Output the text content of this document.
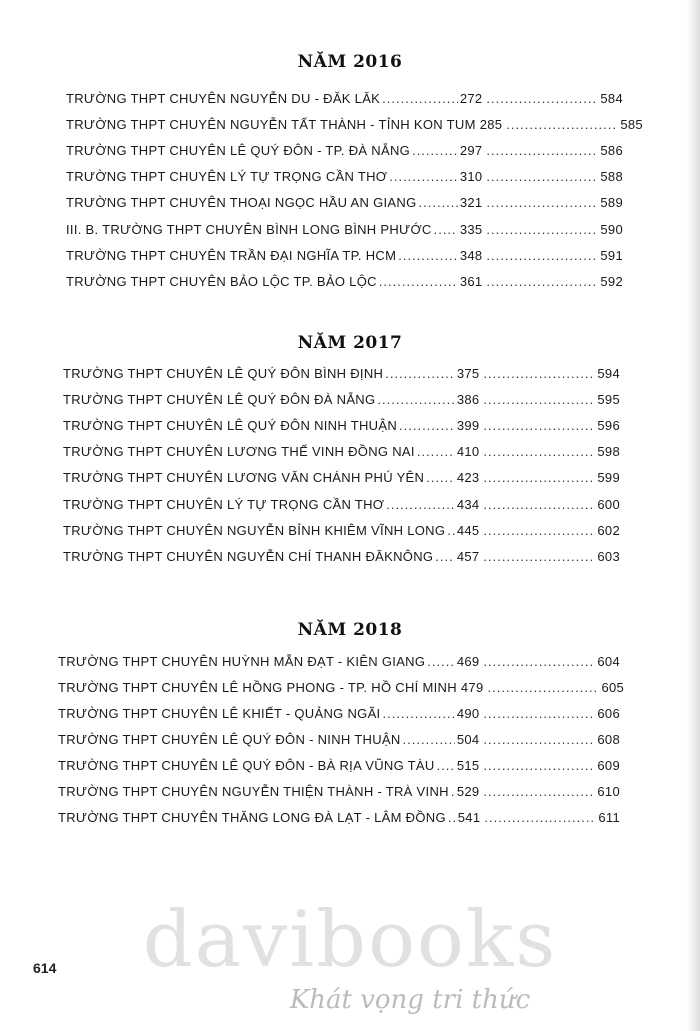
NĂM 2016
TRƯỜNG THPT CHUYÊN NGUYỄN DU - ĐĂK LĂK .....	272 .....	584
TRƯỜNG THPT CHUYÊN NGUYỄN TẤT THÀNH - TỈNH KON TUM 285 .....	585
TRƯỜNG THPT CHUYÊN LÊ QUÝ ĐÔN - TP. ĐÀ NẴNG .....	297 .....	586
TRƯỜNG THPT CHUYÊN LÝ TỰ TRỌNG CẦN THƠ .....	310 .....	588
TRƯỜNG THPT CHUYÊN THOẠI NGỌC HẦU AN GIANG .....	321 .....	589
III. B. TRƯỜNG THPT CHUYÊN BÌNH LONG BÌNH PHƯỚC ..... 335 .....	590
TRƯỜNG THPT CHUYÊN TRẦN ĐẠI NGHĨA TP. HCM .....	348 .....	591
TRƯỜNG THPT CHUYÊN BẢO LỘC TP. BẢO LỘC .....	361 .....	592
NĂM 2017
TRƯỜNG THPT CHUYÊN LÊ QUÝ ĐÔN BÌNH ĐỊNH .....	375 .....	594
TRƯỜNG THPT CHUYÊN LÊ QUÝ ĐÔN ĐÀ NẴNG .....	386 .....	595
TRƯỜNG THPT CHUYÊN LÊ QUÝ ĐÔN NINH THUẬN .....	399 .....	596
TRƯỜNG THPT CHUYÊN LƯƠNG THẾ VINH ĐỒNG NAI .....	410 .....	598
TRƯỜNG THPT CHUYÊN LƯƠNG VĂN CHÁNH PHÚ YÊN .....	423 .....	599
TRƯỜNG THPT CHUYÊN LÝ TỰ TRỌNG CẦN THƠ .....	434 .....	600
TRƯỜNG THPT CHUYÊN NGUYỄN BỈNH KHIÊM VĨNH LONG ..... 445 .....	602
TRƯỜNG THPT CHUYÊN NGUYỄN CHÍ THANH ĐĂKNÔNG ..... 457 .....	603
NĂM 2018
TRƯỜNG THPT CHUYÊN HUỲNH MẪN ĐẠT - KIÊN GIANG ..... 469 .....	604
TRƯỜNG THPT CHUYÊN LÊ HỒNG PHONG - TP. HỒ CHÍ MINH 479 .....	605
TRƯỜNG THPT CHUYÊN LÊ KHIẾT - QUẢNG NGÃI .....	490 .....	606
TRƯỜNG THPT CHUYÊN LÊ QUÝ ĐÔN - NINH THUẬN .....	504 .....	608
TRƯỜNG THPT CHUYÊN LÊ QUÝ ĐÔN - BÀ RỊA VŨNG TÀU ..... 515 .....	609
TRƯỜNG THPT CHUYÊN NGUYỄN THIỆN THÀNH - TRÀ VINH ..... 529 .....	610
TRƯỜNG THPT CHUYÊN THĂNG LONG ĐÀ LẠT - LÂM ĐỒNG ..... 541 .....	611
614	davibooks
Khát vọng tri thức
